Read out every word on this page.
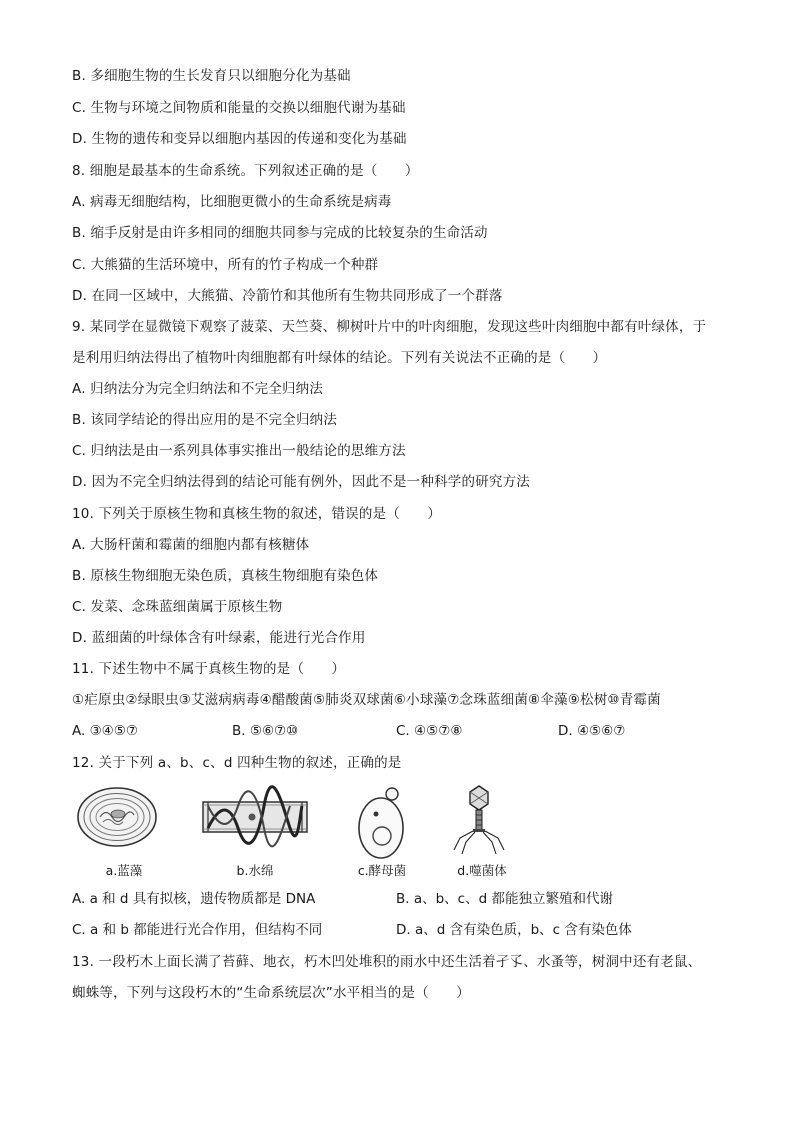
B. 多细胞生物的生长发育只以细胞分化为基础
C. 生物与环境之间物质和能量的交换以细胞代谢为基础
D. 生物的遗传和变异以细胞内基因的传递和变化为基础
8. 细胞是最基本的生命系统。下列叙述正确的是（　　）
A. 病毒无细胞结构，比细胞更微小的生命系统是病毒
B. 缩手反射是由许多相同的细胞共同参与完成的比较复杂的生命活动
C. 大熊猫的生活环境中，所有的竹子构成一个种群
D. 在同一区域中，大熊猫、冷箭竹和其他所有生物共同形成了一个群落
9. 某同学在显微镜下观察了菠菜、天竺葵、柳树叶片中的叶肉细胞，发现这些叶肉细胞中都有叶绿体，于
是利用归纳法得出了植物叶肉细胞都有叶绿体的结论。下列有关说法不正确的是（　　）
A. 归纳法分为完全归纳法和不完全归纳法
B. 该同学结论的得出应用的是不完全归纳法
C. 归纳法是由一系列具体事实推出一般结论的思维方法
D. 因为不完全归纳法得到的结论可能有例外，因此不是一种科学的研究方法
10. 下列关于原核生物和真核生物的叙述，错误的是（　　）
A. 大肠杆菌和霉菌的细胞内都有核糖体
B. 原核生物细胞无染色质，真核生物细胞有染色体
C. 发菜、念珠蓝细菌属于原核生物
D. 蓝细菌的叶绿体含有叶绿素，能进行光合作用
11. 下述生物中不属于真核生物的是（　　）
①疟原虫②绿眼虫③艾滋病病毒④醋酸菌⑤肺炎双球菌⑥小球藻⑦念珠蓝细菌⑧伞藻⑨松树⑩青霉菌
A. ③④⑤⑦	B. ⑤⑥⑦⑩	C. ④⑤⑦⑧	D. ④⑤⑥⑦
12. 关于下列 a、b、c、d 四种生物的叙述，正确的是
a.蓝藻	b.水绵	c.酵母菌	d.噬菌体
A. a 和 d 具有拟核，遗传物质都是 DNA	B. a、b、c、d 都能独立繁殖和代谢
C. a 和 b 都能进行光合作用，但结构不同	D. a、d 含有染色质，b、c 含有染色体
13. 一段朽木上面长满了苔藓、地衣，朽木凹处堆积的雨水中还生活着孑孓、水蚤等，树洞中还有老鼠、
蜘蛛等，下列与这段朽木的“生命系统层次”水平相当的是（　　）
